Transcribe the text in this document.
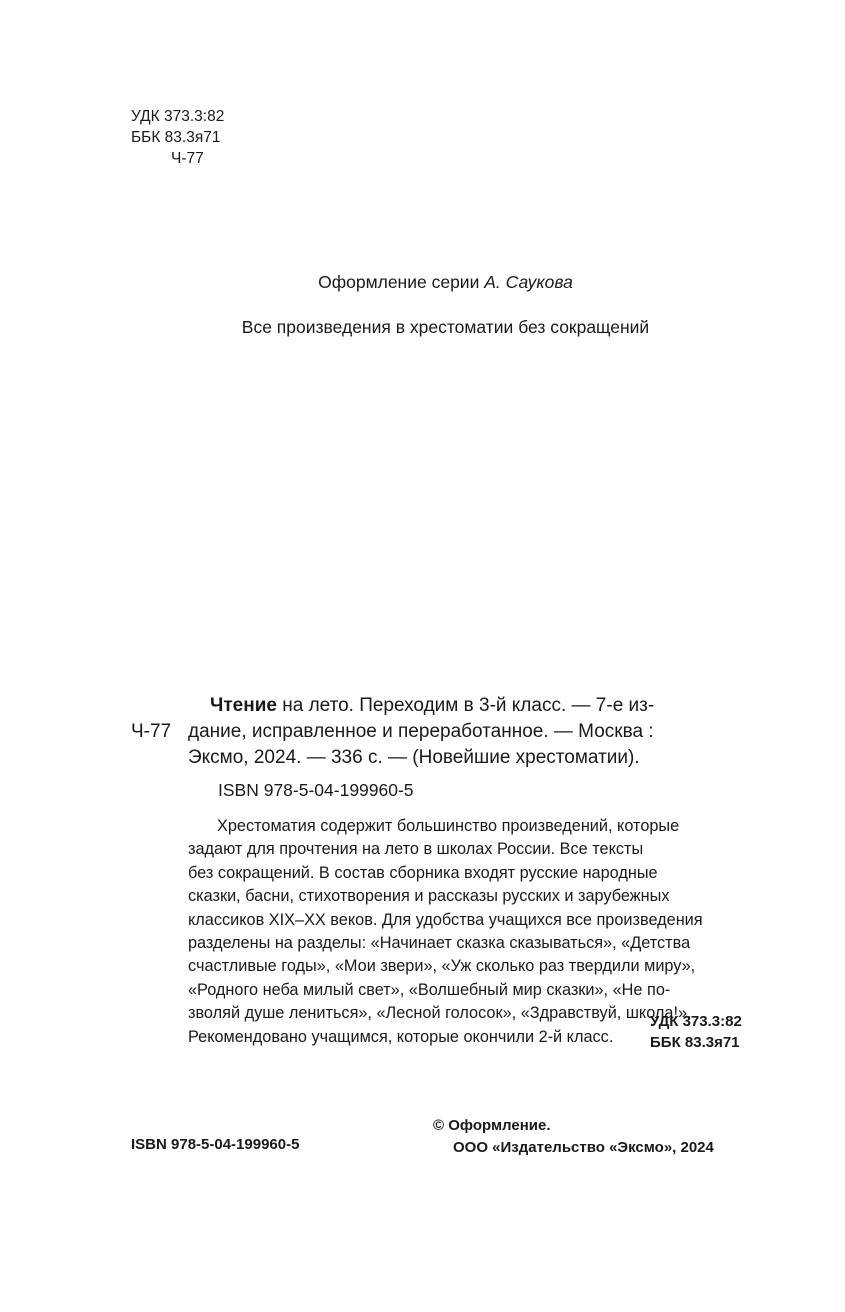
УДК 373.3:82
ББК 83.3я71
Ч-77
Оформление серии А. Саукова
Все произведения в хрестоматии без сокращений
Ч-77
Чтение на лето. Переходим в 3-й класс. — 7-е из-
дание, исправленное и переработанное. — Москва :
Эксмо, 2024. — 336 с. — (Новейшие хрестоматии).
ISBN 978-5-04-199960-5
Хрестоматия содержит большинство произведений, которые
задают для прочтения на лето в школах России. Все тексты
без сокращений. В состав сборника входят русские народные
сказки, басни, стихотворения и рассказы русских и зарубежных
классиков XIX–XX веков. Для удобства учащихся все произведения
разделены на разделы: «Начинает сказка сказываться», «Детства
счастливые годы», «Мои звери», «Уж сколько раз твердили миру»,
«Родного неба милый свет», «Волшебный мир сказки», «Не по-
зволяй душе лениться», «Лесной голосок», «Здравствуй, школа!».
Рекомендовано учащимся, которые окончили 2-й класс.
УДК 373.3:82
ББК 83.3я71
ISBN 978-5-04-199960-5
© Оформление.
ООО «Издательство «Эксмо», 2024
